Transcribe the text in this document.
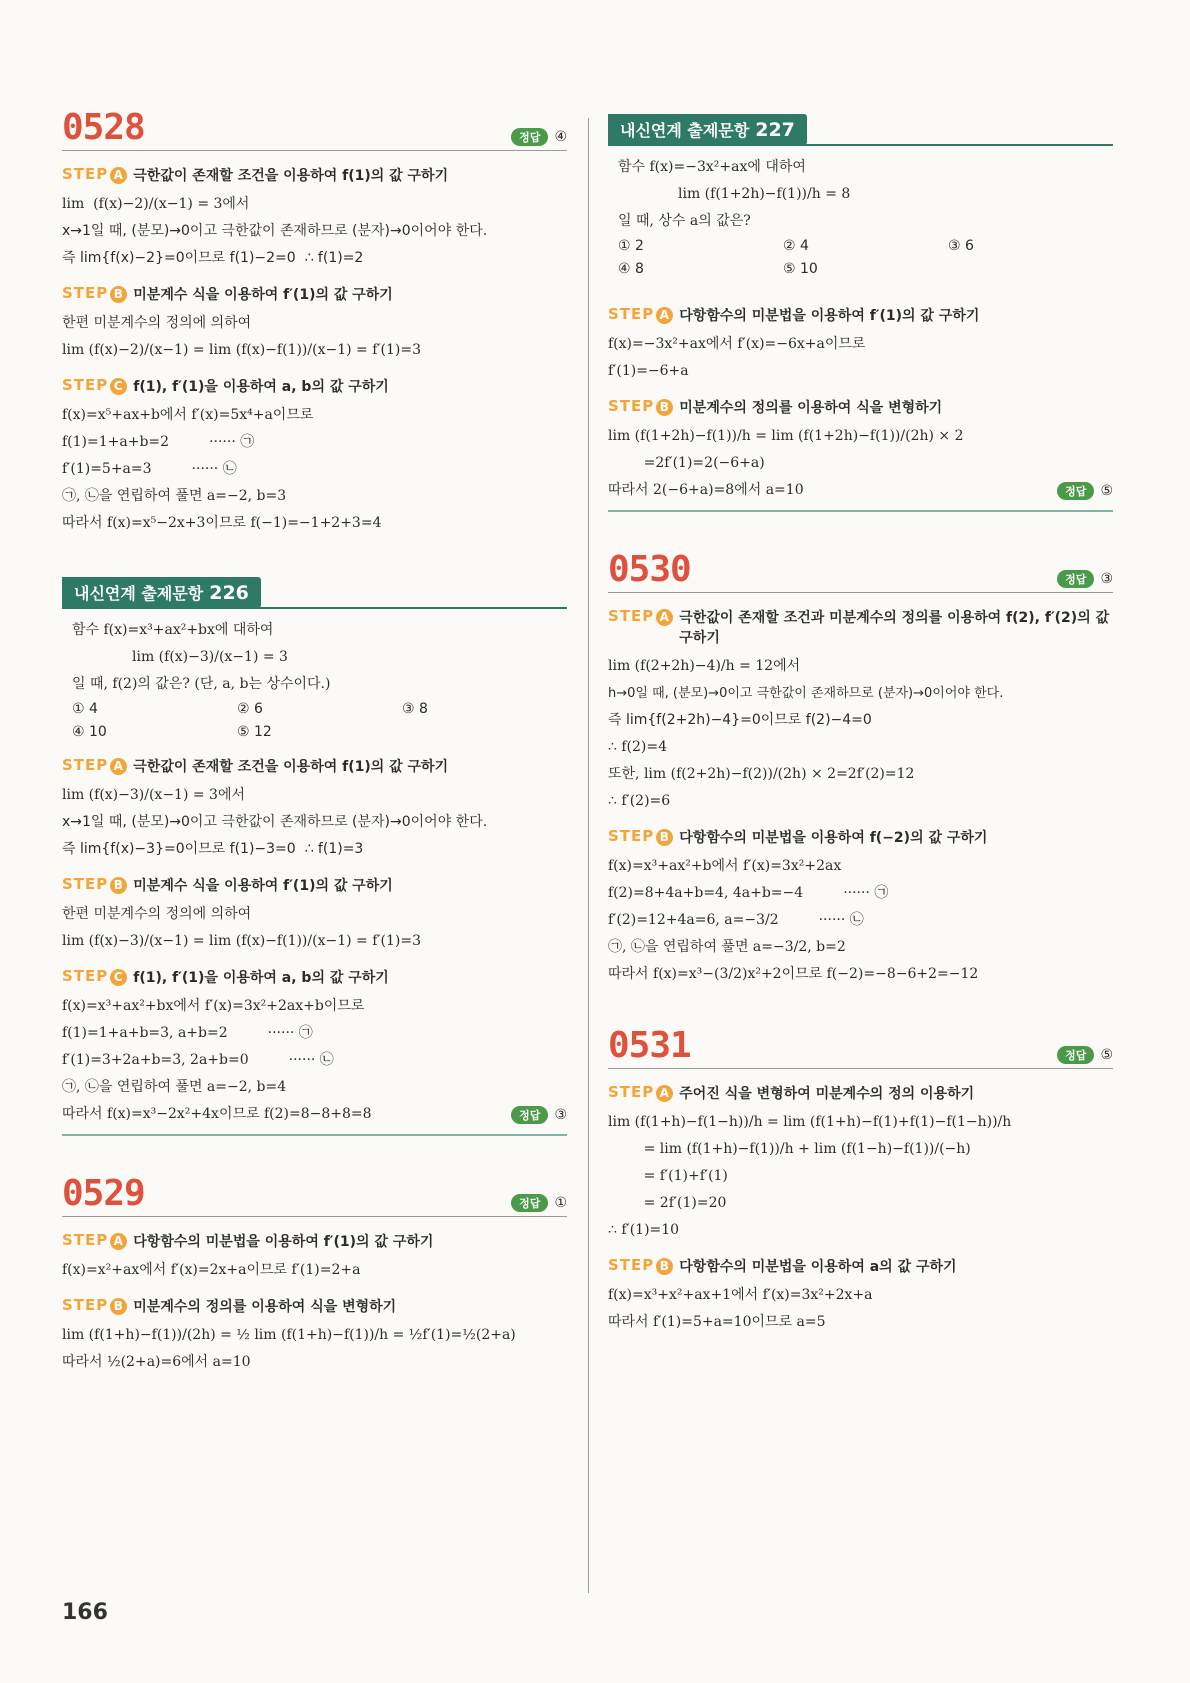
0528	정답	④
STEP A 극한값이 존재할 조건을 이용하여 f(1)의 값 구하기
lim  (f(x)−2)/(x−1) = 3에서
x→1일 때, (분모)→0이고 극한값이 존재하므로 (분자)→0이어야 한다.
즉 lim{f(x)−2}=0이므로 f(1)−2=0  ∴ f(1)=2
STEP B 미분계수 식을 이용하여 f′(1)의 값 구하기
한편 미분계수의 정의에 의하여
lim (f(x)−2)/(x−1) = lim (f(x)−f(1))/(x−1) = f′(1)=3
STEP C f(1), f′(1)을 이용하여 a, b의 값 구하기
f(x)=x⁵+ax+b에서 f′(x)=5x⁴+a이므로
f(1)=1+a+b=2	······ ㉠
f′(1)=5+a=3	······ ㉡
㉠, ㉡을 연립하여 풀면 a=−2, b=3
따라서 f(x)=x⁵−2x+3이므로 f(−1)=−1+2+3=4
내신연계 출제문항 226
함수 f(x)=x³+ax²+bx에 대하여
lim (f(x)−3)/(x−1) = 3
일 때, f(2)의 값은? (단, a, b는 상수이다.)
① 4	② 6	③ 8
④ 10	⑤ 12
STEP A 극한값이 존재할 조건을 이용하여 f(1)의 값 구하기
lim (f(x)−3)/(x−1) = 3에서
x→1일 때, (분모)→0이고 극한값이 존재하므로 (분자)→0이어야 한다.
즉 lim{f(x)−3}=0이므로 f(1)−3=0  ∴ f(1)=3
STEP B 미분계수 식을 이용하여 f′(1)의 값 구하기
한편 미분계수의 정의에 의하여
lim (f(x)−3)/(x−1) = lim (f(x)−f(1))/(x−1) = f′(1)=3
STEP C f(1), f′(1)을 이용하여 a, b의 값 구하기
f(x)=x³+ax²+bx에서 f′(x)=3x²+2ax+b이므로
f(1)=1+a+b=3, a+b=2	······ ㉠
f′(1)=3+2a+b=3, 2a+b=0	······ ㉡
㉠, ㉡을 연립하여 풀면 a=−2, b=4
따라서 f(x)=x³−2x²+4x이므로 f(2)=8−8+8=8	정답	③
0529	정답	①
STEP A 다항함수의 미분법을 이용하여 f′(1)의 값 구하기
f(x)=x²+ax에서 f′(x)=2x+a이므로 f′(1)=2+a
STEP B 미분계수의 정의를 이용하여 식을 변형하기
lim (f(1+h)−f(1))/(2h) = ½ lim (f(1+h)−f(1))/h = ½f′(1)=½(2+a)
따라서 ½(2+a)=6에서 a=10
내신연계 출제문항 227
함수 f(x)=−3x²+ax에 대하여
lim (f(1+2h)−f(1))/h = 8
일 때, 상수 a의 값은?
① 2	② 4	③ 6
④ 8	⑤ 10
STEP A 다항함수의 미분법을 이용하여 f′(1)의 값 구하기
f(x)=−3x²+ax에서 f′(x)=−6x+a이므로
f′(1)=−6+a
STEP B 미분계수의 정의를 이용하여 식을 변형하기
lim (f(1+2h)−f(1))/h = lim (f(1+2h)−f(1))/(2h) × 2
=2f′(1)=2(−6+a)
따라서 2(−6+a)=8에서 a=10	정답	⑤
0530	정답	③
STEP A 극한값이 존재할 조건과 미분계수의 정의를 이용하여 f(2), f′(2)의 값 구하기
lim (f(2+2h)−4)/h = 12에서
h→0일 때, (분모)→0이고 극한값이 존재하므로 (분자)→0이어야 한다.
즉 lim{f(2+2h)−4}=0이므로 f(2)−4=0
∴ f(2)=4
또한, lim (f(2+2h)−f(2))/(2h) × 2=2f′(2)=12
∴ f′(2)=6
STEP B 다항함수의 미분법을 이용하여 f(−2)의 값 구하기
f(x)=x³+ax²+b에서 f′(x)=3x²+2ax
f(2)=8+4a+b=4, 4a+b=−4	······ ㉠
f′(2)=12+4a=6, a=−3/2	······ ㉡
㉠, ㉡을 연립하여 풀면 a=−3/2, b=2
따라서 f(x)=x³−(3/2)x²+2이므로 f(−2)=−8−6+2=−12
0531	정답	⑤
STEP A 주어진 식을 변형하여 미분계수의 정의 이용하기
lim (f(1+h)−f(1−h))/h = lim (f(1+h)−f(1)+f(1)−f(1−h))/h
= lim (f(1+h)−f(1))/h + lim (f(1−h)−f(1))/(−h)
= f′(1)+f′(1)
= 2f′(1)=20
∴ f′(1)=10
STEP B 다항함수의 미분법을 이용하여 a의 값 구하기
f(x)=x³+x²+ax+1에서 f′(x)=3x²+2x+a
따라서 f′(1)=5+a=10이므로 a=5
166
